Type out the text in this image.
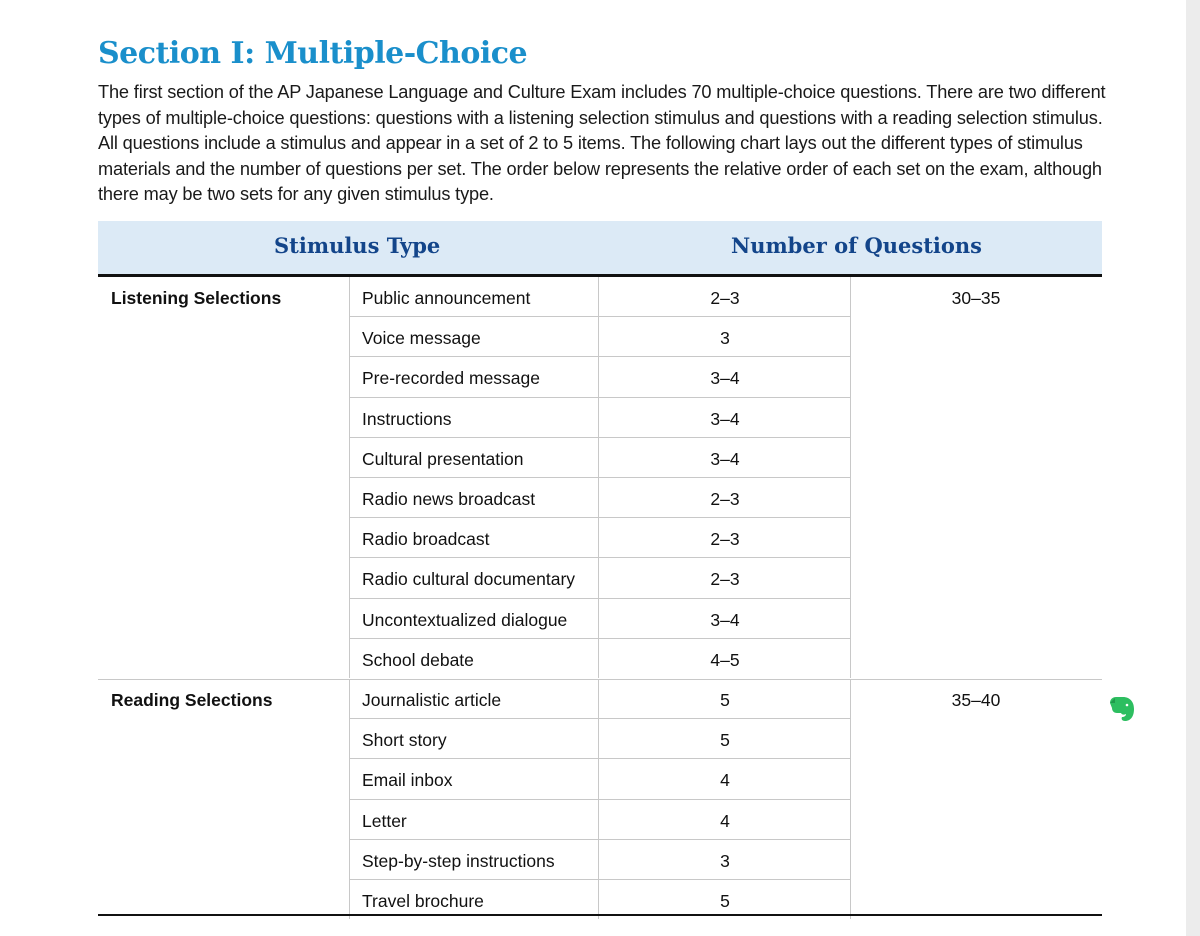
Section I: Multiple-Choice

The first section of the AP Japanese Language and Culture Exam includes 70 multiple-choice questions. There are two different types of multiple-choice questions: questions with a listening selection stimulus and questions with a reading selection stimulus. All questions include a stimulus and appear in a set of 2 to 5 items. The following chart lays out the different types of stimulus materials and the number of questions per set. The order below represents the relative order of each set on the exam, although there may be two sets for any given stimulus type.

Stimulus Type	Number of Questions
Listening Selections	30–35
Public announcement	2–3
Voice message	3
Pre-recorded message	3–4
Instructions	3–4
Cultural presentation	3–4
Radio news broadcast	2–3
Radio broadcast	2–3
Radio cultural documentary	2–3
Uncontextualized dialogue	3–4
School debate	4–5
Reading Selections	35–40
Journalistic article	5
Short story	5
Email inbox	4
Letter	4
Step-by-step instructions	3
Travel brochure	5
